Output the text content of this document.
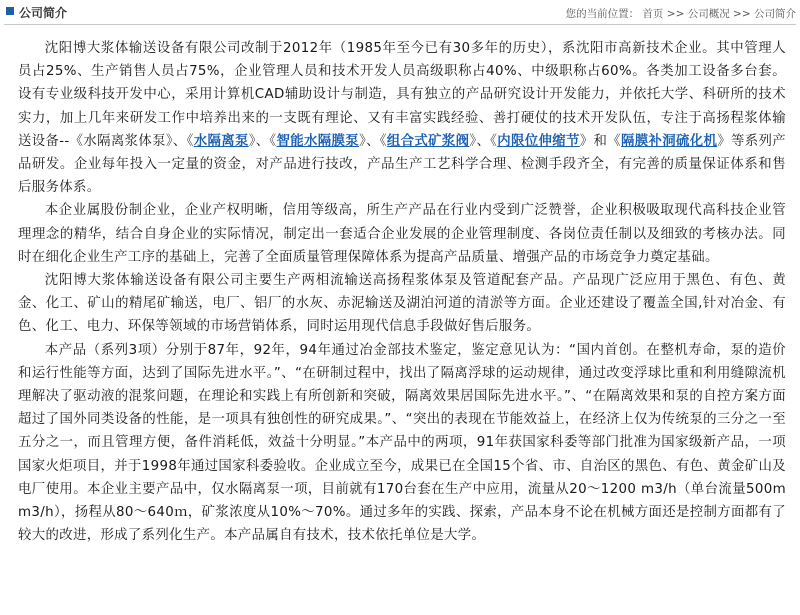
公司简介	您的当前位置： 首页 >> 公司概况 >> 公司简介

沈阳博大浆体输送设备有限公司改制于2012年（1985年至今已有30多年的历史），系沈阳市高新技术企业。其中管理人员占25%、生产销售人员占75%，企业管理人员和技术开发人员高级职称占40%、中级职称占60%。各类加工设备多台套。设有专业级科技开发中心，采用计算机CAD辅助设计与制造，具有独立的产品研究设计开发能力，并依托大学、科研所的技术实力，加上几年来研发工作中培养出来的一支既有理论、又有丰富实践经验、善打硬仗的技术开发队伍，专注于高扬程浆体输送设备--《水隔离浆体泵》、《水隔离泵》、《智能水隔膜泵》、《组合式矿浆阀》、《内限位伸缩节》和《隔膜补洞硫化机》等系列产品研发。企业每年投入一定量的资金，对产品进行技改，产品生产工艺科学合理、检测手段齐全，有完善的质量保证体系和售后服务体系。

本企业属股份制企业，企业产权明晰，信用等级高，所生产产品在行业内受到广泛赞誉，企业积极吸取现代高科技企业管理理念的精华，结合自身企业的实际情况，制定出一套适合企业发展的企业管理制度、各岗位责任制以及细致的考核办法。同时在细化企业生产工序的基础上，完善了全面质量管理保障体系为提高产品质量、增强产品的市场竞争力奠定基础。

沈阳博大浆体输送设备有限公司主要生产两相流输送高扬程浆体泵及管道配套产品。产品现广泛应用于黑色、有色、黄金、化工、矿山的精尾矿输送，电厂、铝厂的水灰、赤泥输送及湖泊河道的清淤等方面。企业还建设了覆盖全国,针对冶金、有色、化工、电力、环保等领域的市场营销体系，同时运用现代信息手段做好售后服务。

本产品（系列3项）分别于87年，92年，94年通过冶金部技术鉴定，鉴定意见认为：“国内首创。在整机寿命，泵的造价和运行性能等方面，达到了国际先进水平。”、“在研制过程中，找出了隔离浮球的运动规律，通过改变浮球比重和利用缝隙流机理解决了驱动液的混浆问题，在理论和实践上有所创新和突破，隔离效果居国际先进水平。”、“在隔离效果和泵的自控方案方面超过了国外同类设备的性能，是一项具有独创性的研究成果。”、“突出的表现在节能效益上，在经济上仅为传统泵的三分之一至五分之一，而且管理方便，备件消耗低，效益十分明显。”本产品中的两项，91年获国家科委等部门批准为国家级新产品，一项国家火炬项目，并于1998年通过国家科委验收。企业成立至今，成果已在全国15个省、市、自治区的黑色、有色、黄金矿山及电厂使用。本企业主要产品中，仅水隔离泵一项，目前就有170台套在生产中应用，流量从20～1200 m3/h（单台流量500m m3/h），扬程从80～640ｍ，矿浆浓度从10%～70%。通过多年的实践、探索，产品本身不论在机械方面还是控制方面都有了较大的改进，形成了系列化生产。本产品属自有技术，技术依托单位是大学。
